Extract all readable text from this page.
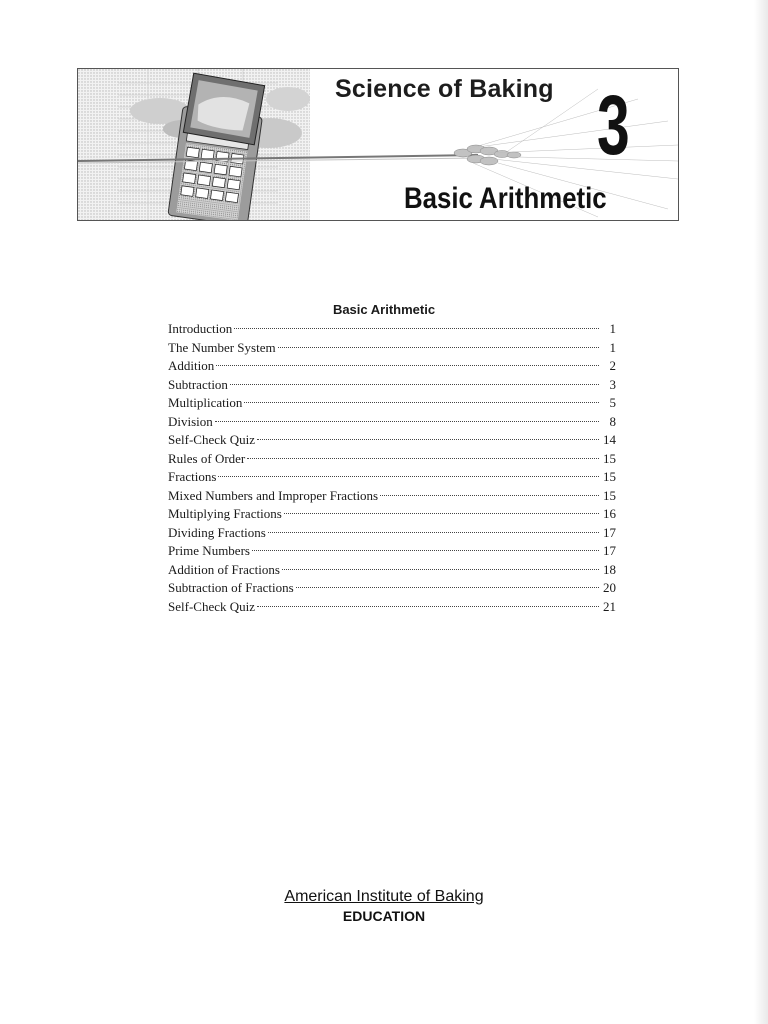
Science of Baking 3
Basic Arithmetic
Basic Arithmetic
Introduction	1
The Number System	1
Addition	2
Subtraction	3
Multiplication	5
Division	8
Self-Check Quiz	14
Rules of Order	15
Fractions	15
Mixed Numbers and Improper Fractions	15
Multiplying Fractions	16
Dividing Fractions	17
Prime Numbers	17
Addition of Fractions	18
Subtraction of Fractions	20
Self-Check Quiz	21
American Institute of Baking
EDUCATION
